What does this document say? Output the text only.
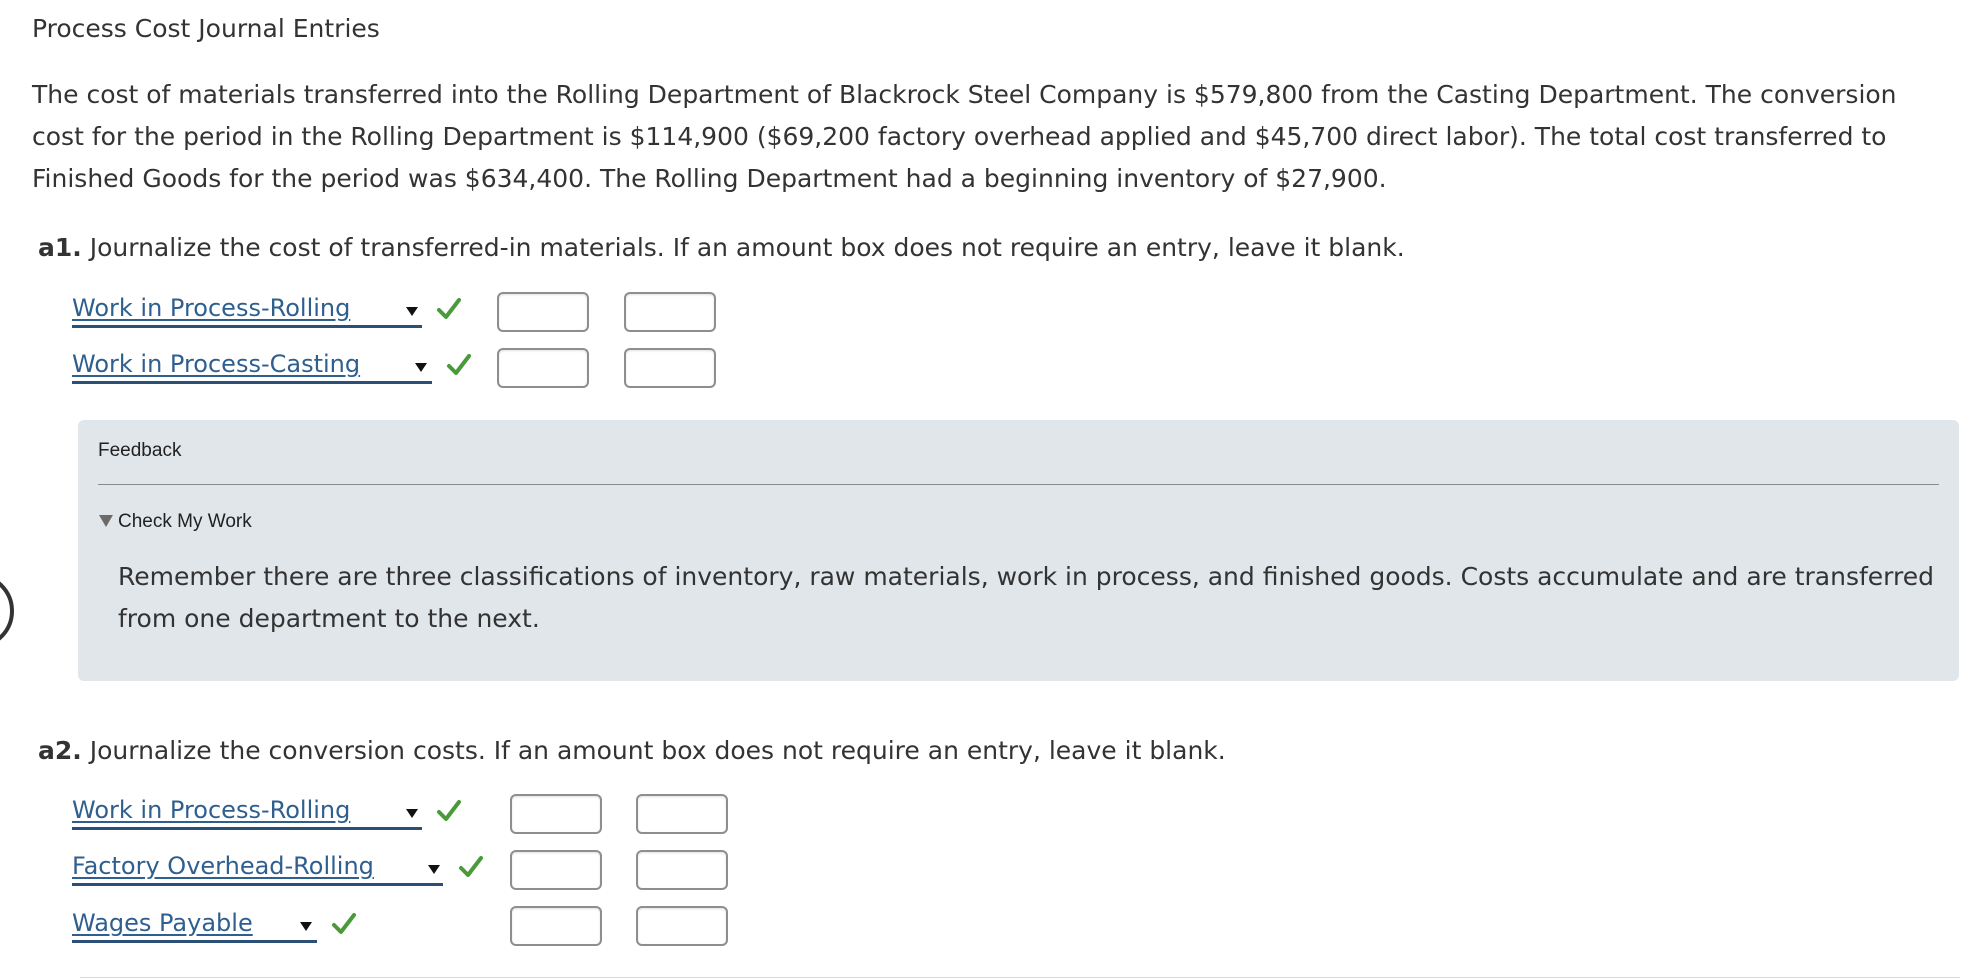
Process Cost Journal Entries
The cost of materials transferred into the Rolling Department of Blackrock Steel Company is $579,800 from the Casting Department. The conversion cost for the period in the Rolling Department is $114,900 ($69,200 factory overhead applied and $45,700 direct labor). The total cost transferred to Finished Goods for the period was $634,400. The Rolling Department had a beginning inventory of $27,900.
a1. Journalize the cost of transferred-in materials. If an amount box does not require an entry, leave it blank.
Work in Process-Rolling
Work in Process-Casting
Feedback
Check My Work
Remember there are three classifications of inventory, raw materials, work in process, and finished goods. Costs accumulate and are transferred from one department to the next.
a2. Journalize the conversion costs. If an amount box does not require an entry, leave it blank.
Work in Process-Rolling
Factory Overhead-Rolling
Wages Payable
